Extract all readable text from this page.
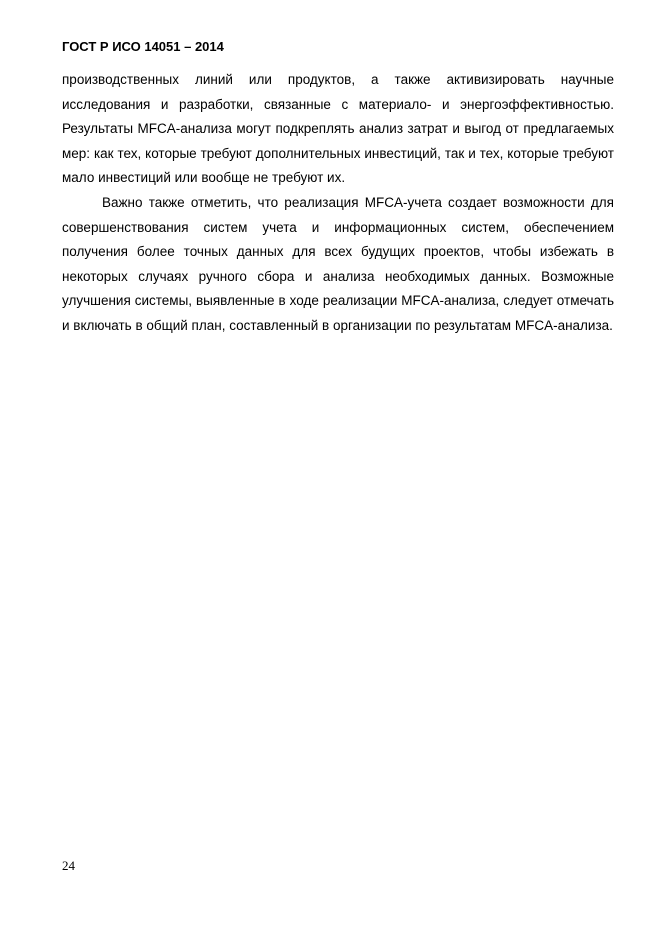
ГОСТ Р ИСО 14051 – 2014

производственных линий или продуктов, а также активизировать научные исследования и разработки, связанные с материало- и энергоэффективностью. Результаты MFCA-анализа могут подкреплять анализ затрат и выгод от предлагаемых мер: как тех, которые требуют дополнительных инвестиций, так и тех, которые требуют мало инвестиций или вообще не требуют их.

Важно также отметить, что реализация MFCA-учета создает возможности для совершенствования систем учета и информационных систем, обеспечением получения более точных данных для всех будущих проектов, чтобы избежать в некоторых случаях ручного сбора и анализа необходимых данных. Возможные улучшения системы, выявленные в ходе реализации MFCA-анализа, следует отмечать и включать в общий план, составленный в организации по результатам MFCA-анализа.

24
